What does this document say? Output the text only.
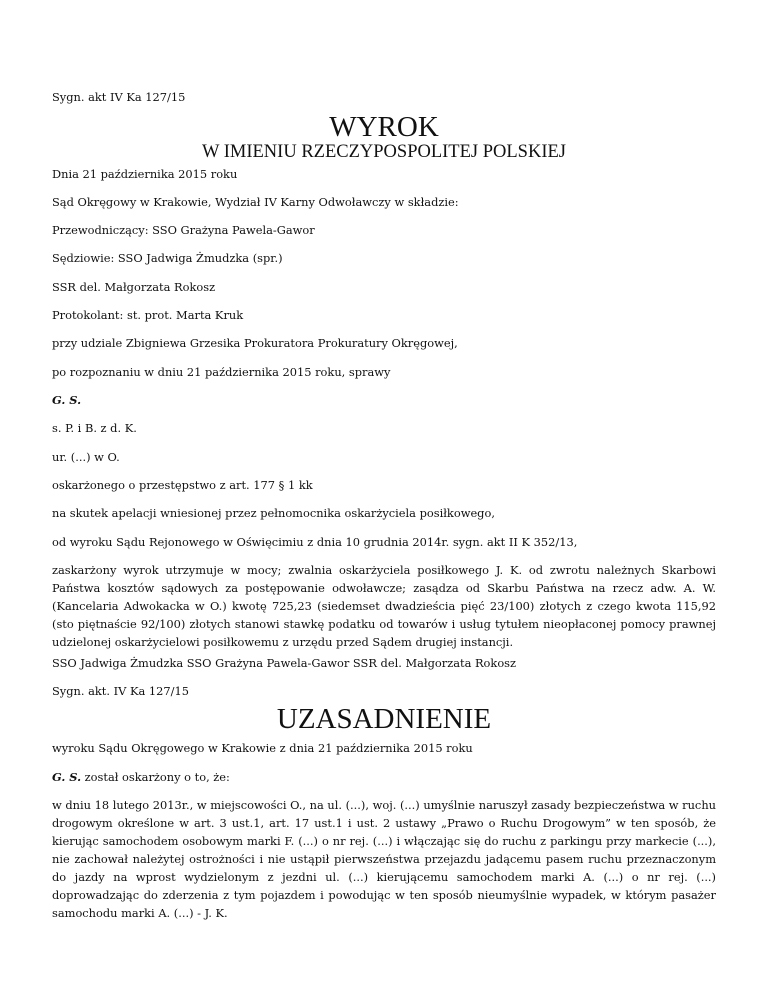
Sygn. akt IV Ka 127/15

WYROK
W IMIENIU RZECZYPOSPOLITEJ POLSKIEJ

Dnia 21 października 2015 roku

Sąd Okręgowy w Krakowie, Wydział IV Karny Odwoławczy w składzie:

Przewodniczący: SSO Grażyna Pawela-Gawor

Sędziowie: SSO Jadwiga Żmudzka (spr.)

SSR del. Małgorzata Rokosz

Protokolant: st. prot. Marta Kruk

przy udziale Zbigniewa Grzesika Prokuratora Prokuratury Okręgowej,

po rozpoznaniu w dniu 21 października 2015 roku, sprawy

G. S.

s. P. i B. z d. K.

ur. (...) w O.

oskarżonego o przestępstwo z art. 177 § 1 kk

na skutek apelacji wniesionej przez pełnomocnika oskarżyciela posiłkowego,

od wyroku Sądu Rejonowego w Oświęcimiu z dnia 10 grudnia 2014r. sygn. akt II K 352/13,

zaskarżony wyrok utrzymuje w mocy; zwalnia oskarżyciela posiłkowego J. K. od zwrotu należnych Skarbowi Państwa kosztów sądowych za postępowanie odwoławcze; zasądza od Skarbu Państwa na rzecz adw. A. W. (Kancelaria Adwokacka w O.) kwotę 725,23 (siedemset dwadzieścia pięć 23/100) złotych z czego kwota 115,92 (sto piętnaście 92/100) złotych stanowi stawkę podatku od towarów i usług tytułem nieopłaconej pomocy prawnej udzielonej oskarżycielowi posiłkowemu z urzędu przed Sądem drugiej instancji.

SSO Jadwiga Żmudzka SSO Grażyna Pawela-Gawor SSR del. Małgorzata Rokosz

Sygn. akt. IV Ka 127/15

UZASADNIENIE

wyroku Sądu Okręgowego w Krakowie z dnia 21 października 2015 roku

G. S. został oskarżony o to, że:

w dniu 18 lutego 2013r., w miejscowości O., na ul. (...), woj. (...) umyślnie naruszył zasady bezpieczeństwa w ruchu drogowym określone w art. 3 ust.1, art. 17 ust.1 i ust. 2 ustawy „Prawo o Ruchu Drogowym” w ten sposób, że kierując samochodem osobowym marki F. (...) o nr rej. (...) i włączając się do ruchu z parkingu przy markecie (...), nie zachował należytej ostrożności i nie ustąpił pierwszeństwa przejazdu jadącemu pasem ruchu przeznaczonym do jazdy na wprost wydzielonym z jezdni ul. (...) kierującemu samochodem marki A. (...) o nr rej. (...) doprowadzając do zderzenia z tym pojazdem i powodując w ten sposób nieumyślnie wypadek, w którym pasażer samochodu marki A. (...) - J. K.
